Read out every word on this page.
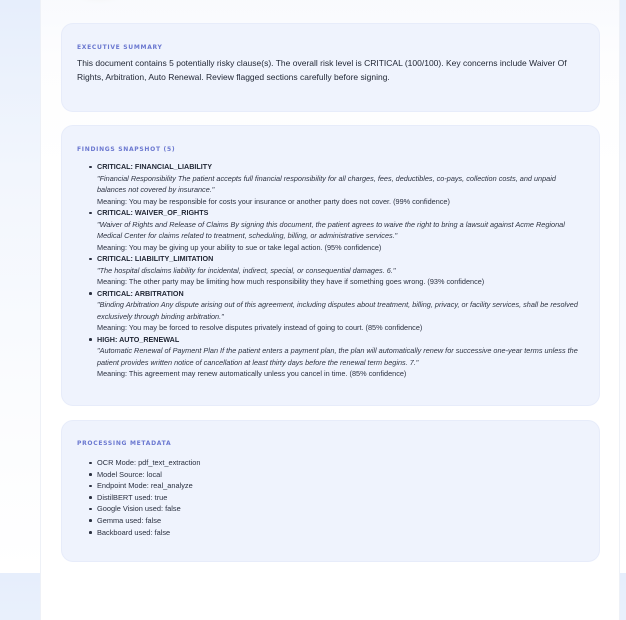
EXECUTIVE SUMMARY

This document contains 5 potentially risky clause(s). The overall risk level is CRITICAL (100/100). Key concerns include Waiver Of Rights, Arbitration, Auto Renewal. Review flagged sections carefully before signing.

FINDINGS SNAPSHOT (5)
CRITICAL: FINANCIAL_LIABILITY
"Financial Responsibility The patient accepts full financial responsibility for all charges, fees, deductibles, co-pays, collection costs, and unpaid balances not covered by insurance."
Meaning: You may be responsible for costs your insurance or another party does not cover. (99% confidence)
CRITICAL: WAIVER_OF_RIGHTS
"Waiver of Rights and Release of Claims By signing this document, the patient agrees to waive the right to bring a lawsuit against Acme Regional Medical Center for claims related to treatment, scheduling, billing, or administrative services."
Meaning: You may be giving up your ability to sue or take legal action. (95% confidence)
CRITICAL: LIABILITY_LIMITATION
"The hospital disclaims liability for incidental, indirect, special, or consequential damages. 6."
Meaning: The other party may be limiting how much responsibility they have if something goes wrong. (93% confidence)
CRITICAL: ARBITRATION
"Binding Arbitration Any dispute arising out of this agreement, including disputes about treatment, billing, privacy, or facility services, shall be resolved exclusively through binding arbitration."
Meaning: You may be forced to resolve disputes privately instead of going to court. (85% confidence)
HIGH: AUTO_RENEWAL
"Automatic Renewal of Payment Plan If the patient enters a payment plan, the plan will automatically renew for successive one-year terms unless the patient provides written notice of cancellation at least thirty days before the renewal term begins. 7."
Meaning: This agreement may renew automatically unless you cancel in time. (85% confidence)
PROCESSING METADATA
OCR Mode: pdf_text_extraction
Model Source: local
Endpoint Mode: real_analyze
DistilBERT used: true
Google Vision used: false
Gemma used: false
Backboard used: false
